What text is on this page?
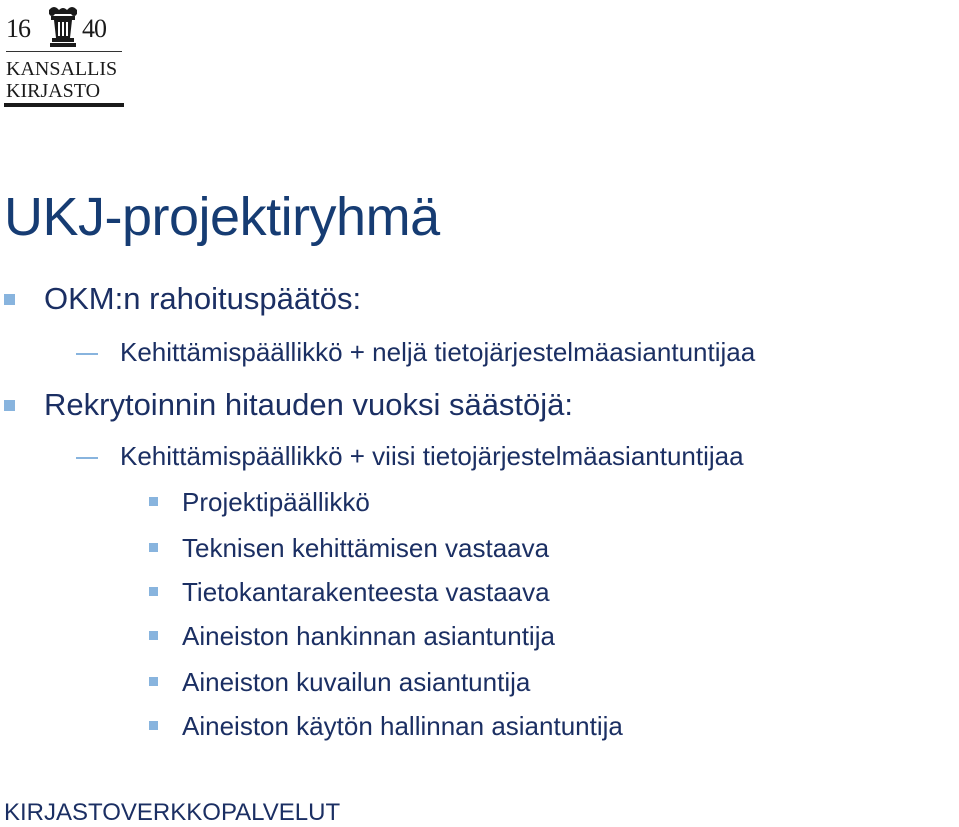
16 40
KANSALLIS
KIRJASTO
UKJ-projektiryhmä
OKM:n rahoituspäätös:
Kehittämispäällikkö + neljä tietojärjestelmäasiantuntijaa
Rekrytoinnin hitauden vuoksi säästöjä:
Kehittämispäällikkö + viisi tietojärjestelmäasiantuntijaa
Projektipäällikkö
Teknisen kehittämisen vastaava
Tietokantarakenteesta vastaava
Aineiston hankinnan asiantuntija
Aineiston kuvailun asiantuntija
Aineiston käytön hallinnan asiantuntija
KIRJASTOVERKKOPALVELUT
